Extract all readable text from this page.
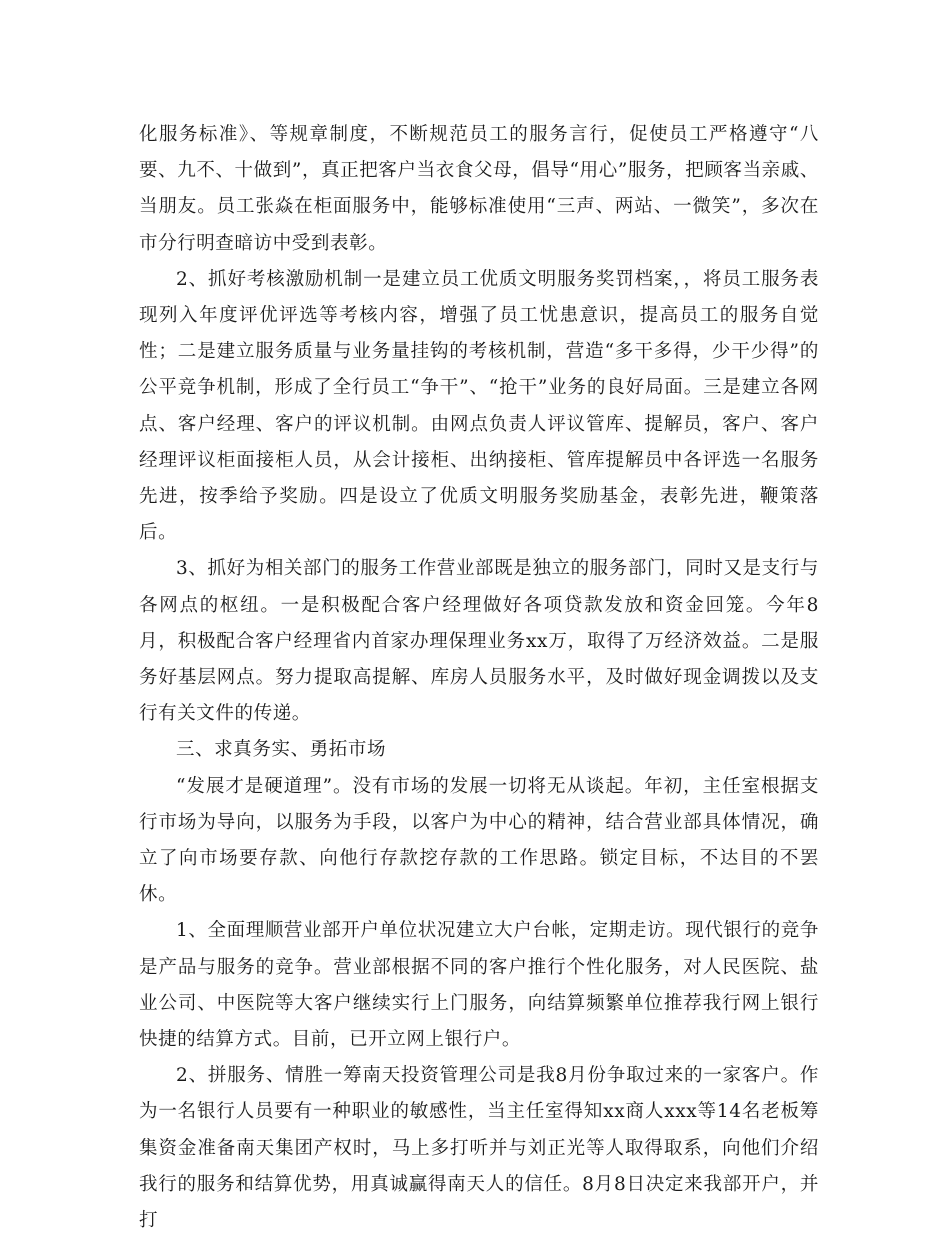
化服务标准》、等规章制度，不断规范员工的服务言行，促使员工严格遵守“八要、九不、十做到”，真正把客户当衣食父母，倡导“用心”服务，把顾客当亲戚、当朋友。员工张焱在柜面服务中，能够标准使用“三声、两站、一微笑”，多次在市分行明查暗访中受到表彰。

2、抓好考核激励机制一是建立员工优质文明服务奖罚档案，，将员工服务表现列入年度评优评选等考核内容，增强了员工忧患意识，提高员工的服务自觉性；二是建立服务质量与业务量挂钩的考核机制，营造“多干多得，少干少得”的公平竞争机制，形成了全行员工“争干”、“抢干”业务的良好局面。三是建立各网点、客户经理、客户的评议机制。由网点负责人评议管库、提解员，客户、客户经理评议柜面接柜人员，从会计接柜、出纳接柜、管库提解员中各评选一名服务先进，按季给予奖励。四是设立了优质文明服务奖励基金，表彰先进，鞭策落后。

3、抓好为相关部门的服务工作营业部既是独立的服务部门，同时又是支行与各网点的枢纽。一是积极配合客户经理做好各项贷款发放和资金回笼。今年8月，积极配合客户经理省内首家办理保理业务xx万，取得了万经济效益。二是服务好基层网点。努力提取高提解、库房人员服务水平，及时做好现金调拨以及支行有关文件的传递。

三、求真务实、勇拓市场

“发展才是硬道理”。没有市场的发展一切将无从谈起。年初，主任室根据支行市场为导向，以服务为手段，以客户为中心的精神，结合营业部具体情况，确立了向市场要存款、向他行存款挖存款的工作思路。锁定目标，不达目的不罢休。

1、全面理顺营业部开户单位状况建立大户台帐，定期走访。现代银行的竞争是产品与服务的竞争。营业部根据不同的客户推行个性化服务，对人民医院、盐业公司、中医院等大客户继续实行上门服务，向结算频繁单位推荐我行网上银行快捷的结算方式。目前，已开立网上银行户。

2、拼服务、情胜一筹南天投资管理公司是我8月份争取过来的一家客户。作为一名银行人员要有一种职业的敏感性，当主任室得知xx商人xxx等14名老板筹集资金准备南天集团产权时，马上多打听并与刘正光等人取得取系，向他们介绍我行的服务和结算优势，用真诚赢得南天人的信任。8月8日决定来我部开户，并打
